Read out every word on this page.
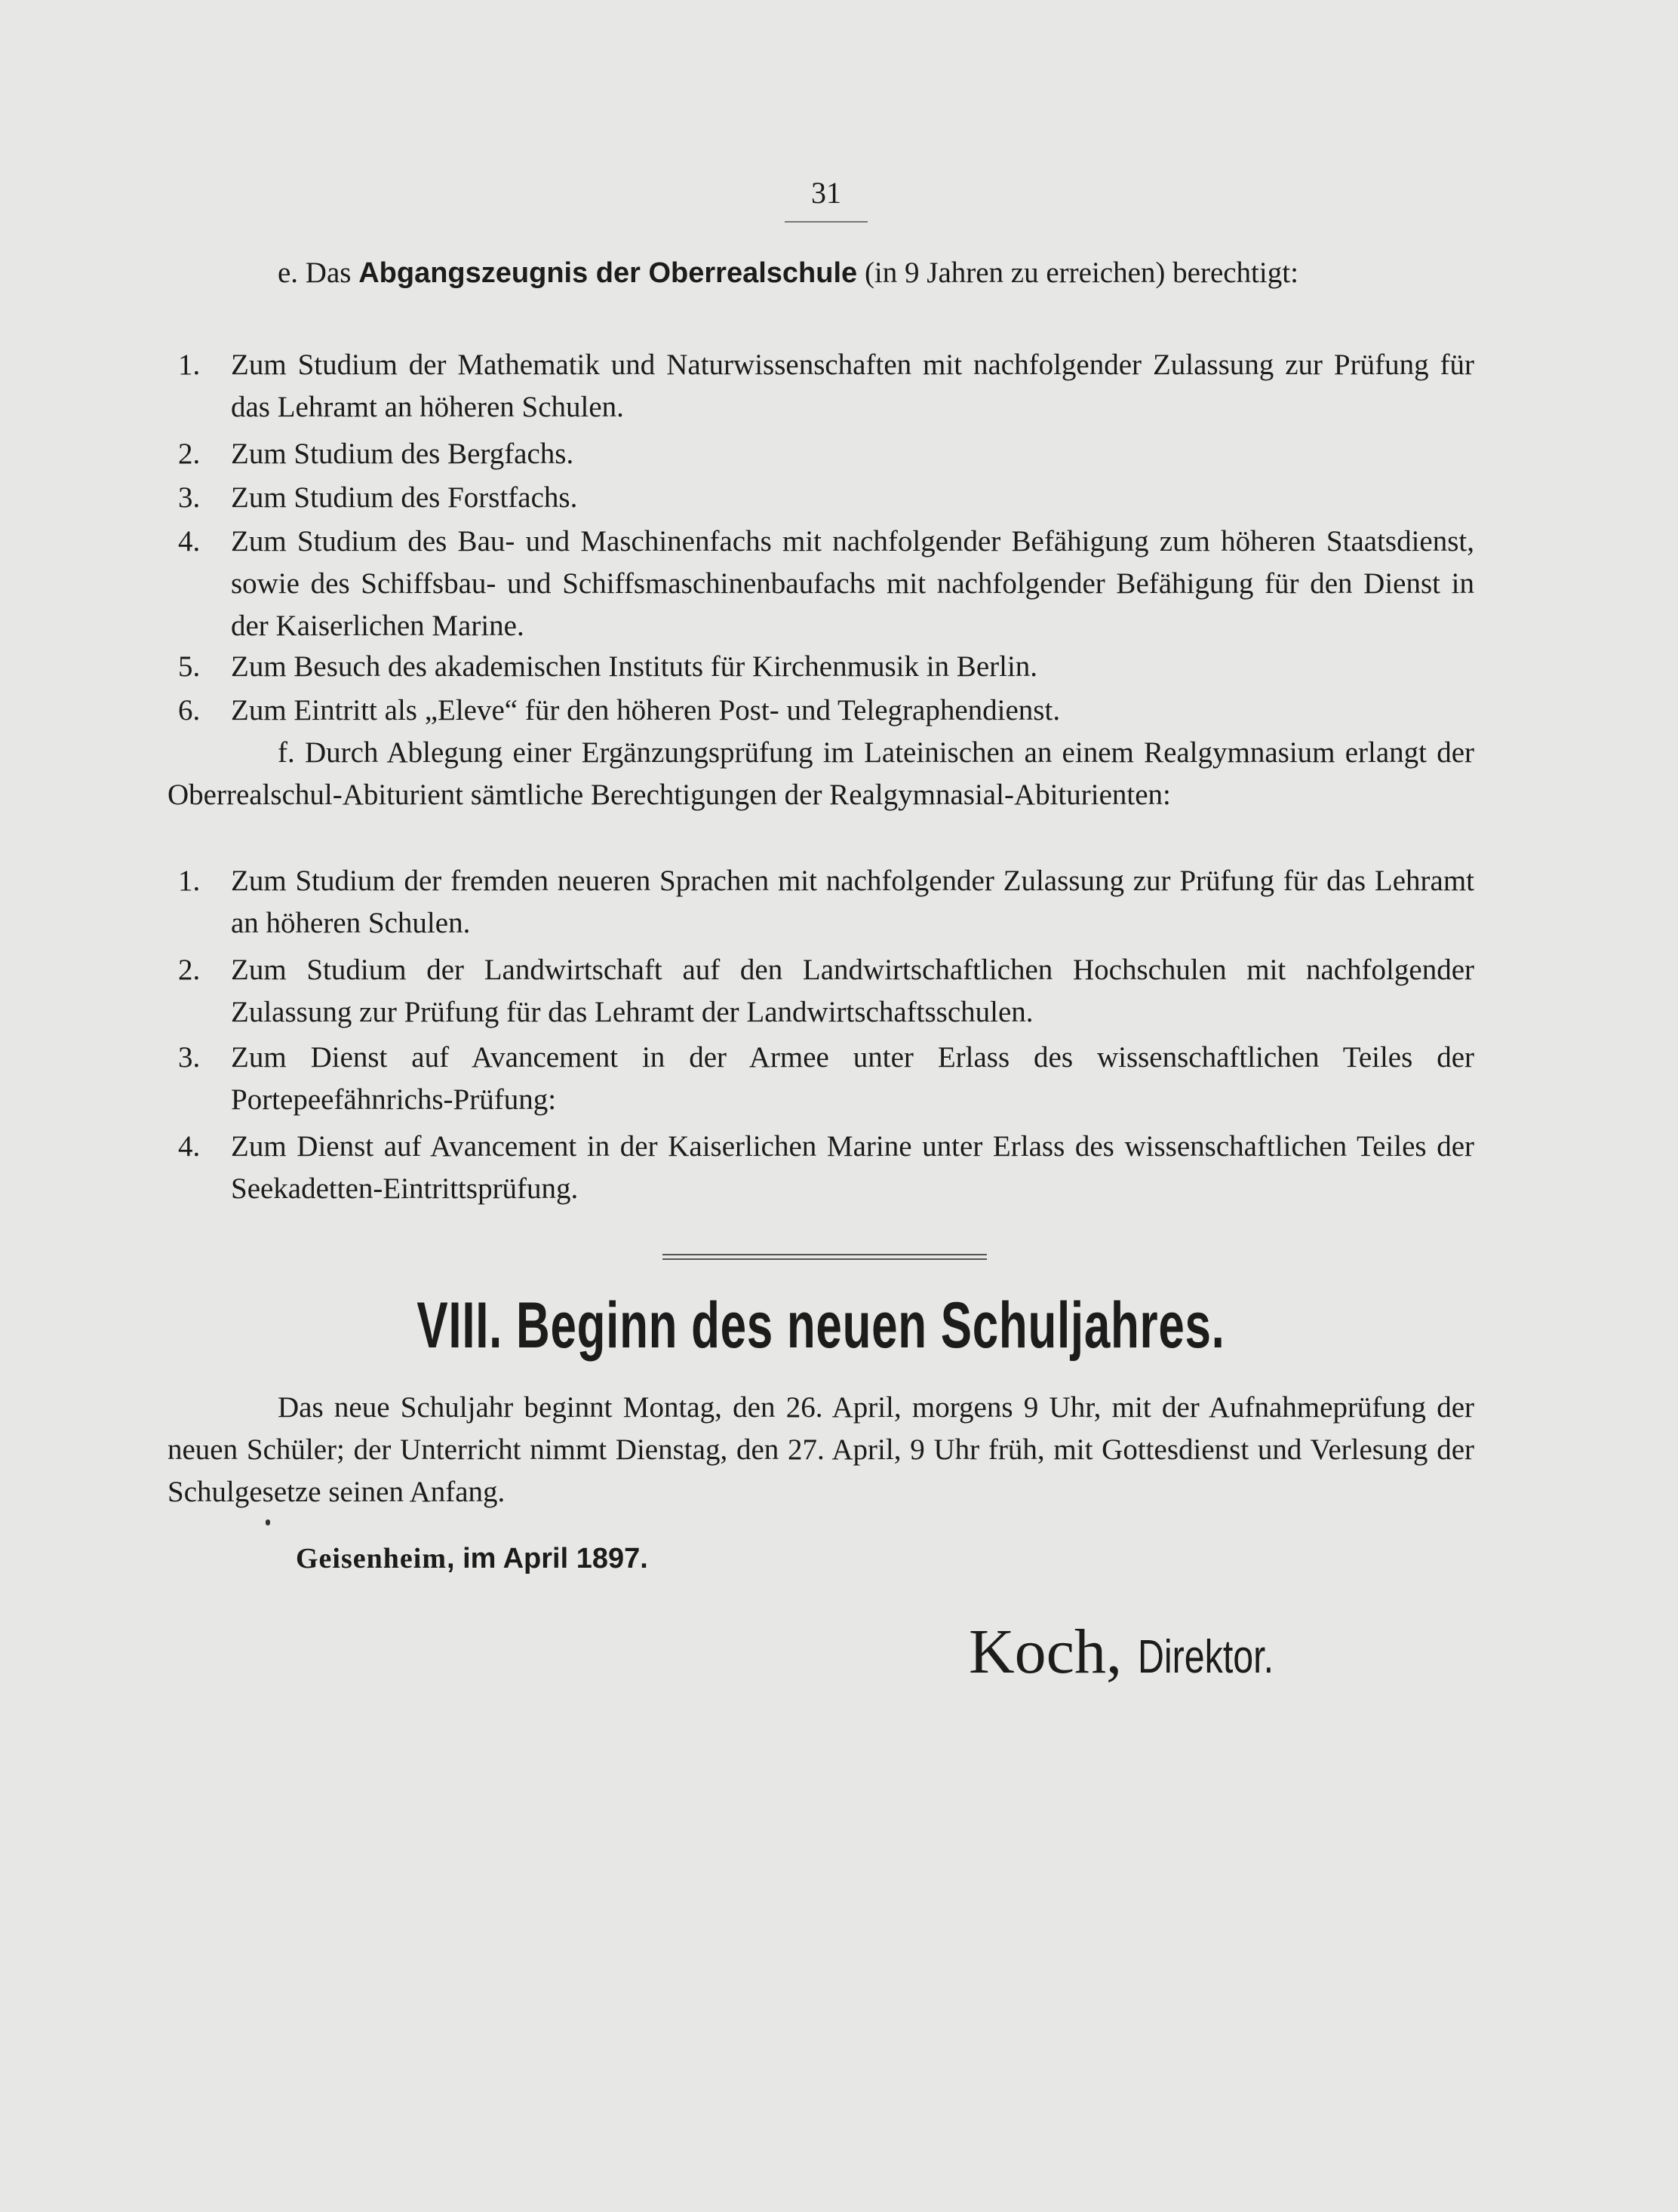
31
e. Das Abgangszeugnis der Oberrealschule (in 9 Jahren zu erreichen) berechtigt:
1.	Zum Studium der Mathematik und Naturwissenschaften mit nachfolgender Zulassung zur Prüfung für das Lehramt an höheren Schulen.
2.	Zum Studium des Bergfachs.
3.	Zum Studium des Forstfachs.
4.	Zum Studium des Bau- und Maschinenfachs mit nachfolgender Befähigung zum höheren Staatsdienst, sowie des Schiffsbau- und Schiffsmaschinenbaufachs mit nachfolgender Befähigung für den Dienst in der Kaiserlichen Marine.
5.	Zum Besuch des akademischen Instituts für Kirchenmusik in Berlin.
6.	Zum Eintritt als „Eleve“ für den höheren Post- und Telegraphendienst.
f. Durch Ablegung einer Ergänzungsprüfung im Lateinischen an einem Realgymnasium erlangt der Oberrealschul-Abiturient sämtliche Berechtigungen der Realgymnasial-Abiturienten:
1.	Zum Studium der fremden neueren Sprachen mit nachfolgender Zulassung zur Prüfung für das Lehramt an höheren Schulen.
2.	Zum Studium der Landwirtschaft auf den Landwirtschaftlichen Hochschulen mit nachfolgender Zulassung zur Prüfung für das Lehramt der Landwirtschaftsschulen.
3.	Zum Dienst auf Avancement in der Armee unter Erlass des wissenschaftlichen Teiles der Portepeefähnrichs-Prüfung:
4.	Zum Dienst auf Avancement in der Kaiserlichen Marine unter Erlass des wissenschaftlichen Teiles der Seekadetten-Eintrittsprüfung.
VIII. Beginn des neuen Schuljahres.
Das neue Schuljahr beginnt Montag, den 26. April, morgens 9 Uhr, mit der Aufnahmeprüfung der neuen Schüler; der Unterricht nimmt Dienstag, den 27. April, 9 Uhr früh, mit Gottesdienst und Verlesung der Schulgesetze seinen Anfang.
Geisenheim, im April 1897.
Koch, Direktor.
